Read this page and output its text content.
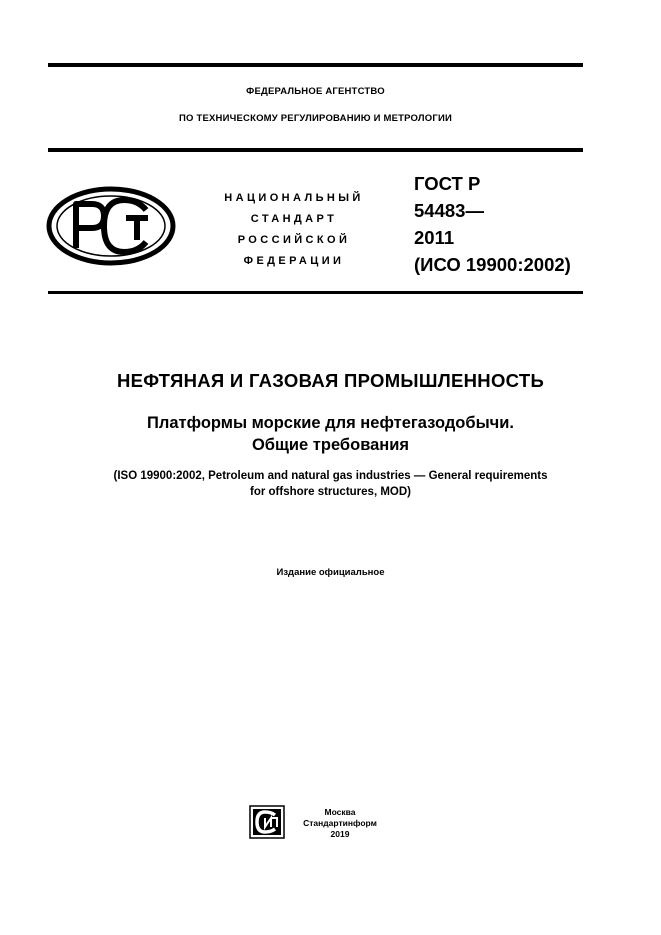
ФЕДЕРАЛЬНОЕ АГЕНТСТВО
ПО ТЕХНИЧЕСКОМУ РЕГУЛИРОВАНИЮ И МЕТРОЛОГИИ
НАЦИОНАЛЬНЫЙ
СТАНДАРТ
РОССИЙСКОЙ
ФЕДЕРАЦИИ
ГОСТ Р
54483—
2011
(ИСО 19900:2002)
НЕФТЯНАЯ И ГАЗОВАЯ ПРОМЫШЛЕННОСТЬ
Платформы морские для нефтегазодобычи.
Общие требования
(ISO 19900:2002, Petroleum and natural gas industries — General requirements
for offshore structures, MOD)
Издание официальное
Москва
Стандартинформ
2019
